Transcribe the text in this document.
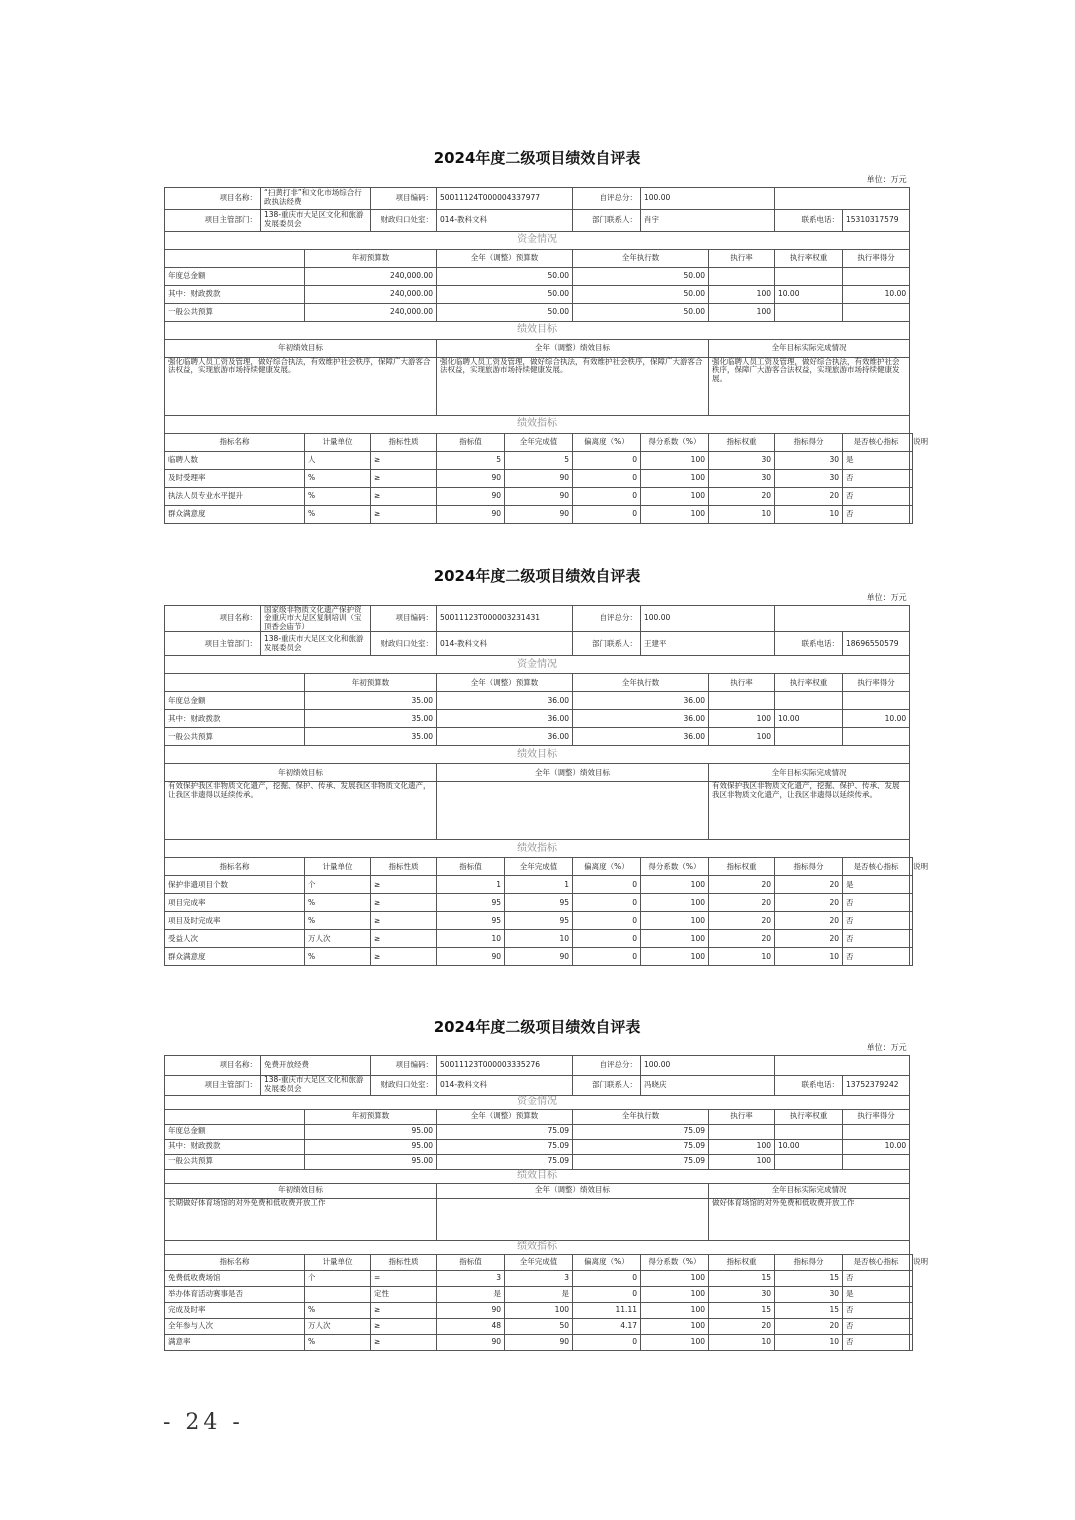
2024年度二级项目绩效自评表											
									单位：万元		
项目名称：	“扫黄打非”和文化市场综合行政执法经费		项目编码：	50011124T000004337977		自评总分：	100.00				
项目主管部门：	138-重庆市大足区文化和旅游发展委员会		财政归口处室：	014-教科文科		部门联系人：	肖宇		联系电话：	15310317579	
资金情况											
		年初预算数		全年（调整）预算数		全年执行数		执行率	执行率权重	执行率得分	
年度总金额		240,000.00		50.00		50.00					
其中：财政拨款		240,000.00		50.00		50.00		100	10.00	10.00	
一般公共预算		240,000.00		50.00		50.00		100			
绩效目标											
年初绩效目标				全年（调整）绩效目标				全年目标实际完成情况			
强化临聘人员工资及管理，做好综合执法，有效维护社会秩序，保障广大游客合法权益，实现旅游市场持续健康发展。				强化临聘人员工资及管理，做好综合执法，有效维护社会秩序，保障广大游客合法权益，实现旅游市场持续健康发展。				强化临聘人员工资及管理，做好综合执法，有效维护社会秩序，保障广大游客合法权益，实现旅游市场持续健康发展。			
绩效指标											
指标名称		计量单位	指标性质	指标值	全年完成值	偏离度（%）	得分系数（%）	指标权重	指标得分	是否核心指标	说明
临聘人数		人	≥	5	5	0	100	30	30	是	
及时受理率		%	≥	90	90	0	100	30	30	否	
执法人员专业水平提升		%	≥	90	90	0	100	20	20	否	
群众满意度		%	≥	90	90	0	100	10	10	否	
2024年度二级项目绩效自评表											
									单位：万元		
项目名称：	国家级非物质文化遗产保护资金重庆市大足区复制培训（宝顶香会庙节）		项目编码：	50011123T000003231431		自评总分：	100.00				
项目主管部门：	138-重庆市大足区文化和旅游发展委员会		财政归口处室：	014-教科文科		部门联系人：	王建平		联系电话：	18696550579	
资金情况											
		年初预算数		全年（调整）预算数		全年执行数		执行率	执行率权重	执行率得分	
年度总金额		35.00		36.00		36.00					
其中：财政拨款		35.00		36.00		36.00		100	10.00	10.00	
一般公共预算		35.00		36.00		36.00		100			
绩效目标											
年初绩效目标				全年（调整）绩效目标				全年目标实际完成情况			
有效保护我区非物质文化遗产，挖掘、保护、传承、发展我区非物质文化遗产，让我区非遗得以延续传承。								有效保护我区非物质文化遗产，挖掘、保护、传承、发展我区非物质文化遗产，让我区非遗得以延续传承。			
绩效指标											
指标名称		计量单位	指标性质	指标值	全年完成值	偏离度（%）	得分系数（%）	指标权重	指标得分	是否核心指标	说明
保护非遗项目个数		个	≥	1	1	0	100	20	20	是	
项目完成率		%	≥	95	95	0	100	20	20	否	
项目及时完成率		%	≥	95	95	0	100	20	20	否	
受益人次		万人次	≥	10	10	0	100	20	20	否	
群众满意度		%	≥	90	90	0	100	10	10	否	
2024年度二级项目绩效自评表											
									单位：万元		
项目名称：	免费开放经费		项目编码：	50011123T000003335276		自评总分：	100.00				
项目主管部门：	138-重庆市大足区文化和旅游发展委员会		财政归口处室：	014-教科文科		部门联系人：	冯晓庆		联系电话：	13752379242	
资金情况											
		年初预算数		全年（调整）预算数		全年执行数		执行率	执行率权重	执行率得分	
年度总金额		95.00		75.09		75.09					
其中：财政拨款		95.00		75.09		75.09		100	10.00	10.00	
一般公共预算		95.00		75.09		75.09		100			
绩效目标											
年初绩效目标				全年（调整）绩效目标				全年目标实际完成情况			
长期做好体育场馆的对外免费和低收费开放工作								做好体育场馆的对外免费和低收费开放工作			
绩效指标											
指标名称		计量单位	指标性质	指标值	全年完成值	偏离度（%）	得分系数（%）	指标权重	指标得分	是否核心指标	说明
免费低收费场馆		个	=	3	3	0	100	15	15	否	
举办体育活动赛事是否			定性	是	是	0	100	30	30	是	
完成及时率		%	≥	90	100	11.11	100	15	15	否	
全年参与人次		万人次	≥	48	50	4.17	100	20	20	否	
满意率		%	≥	90	90	0	100	10	10	否	
- 24 -
